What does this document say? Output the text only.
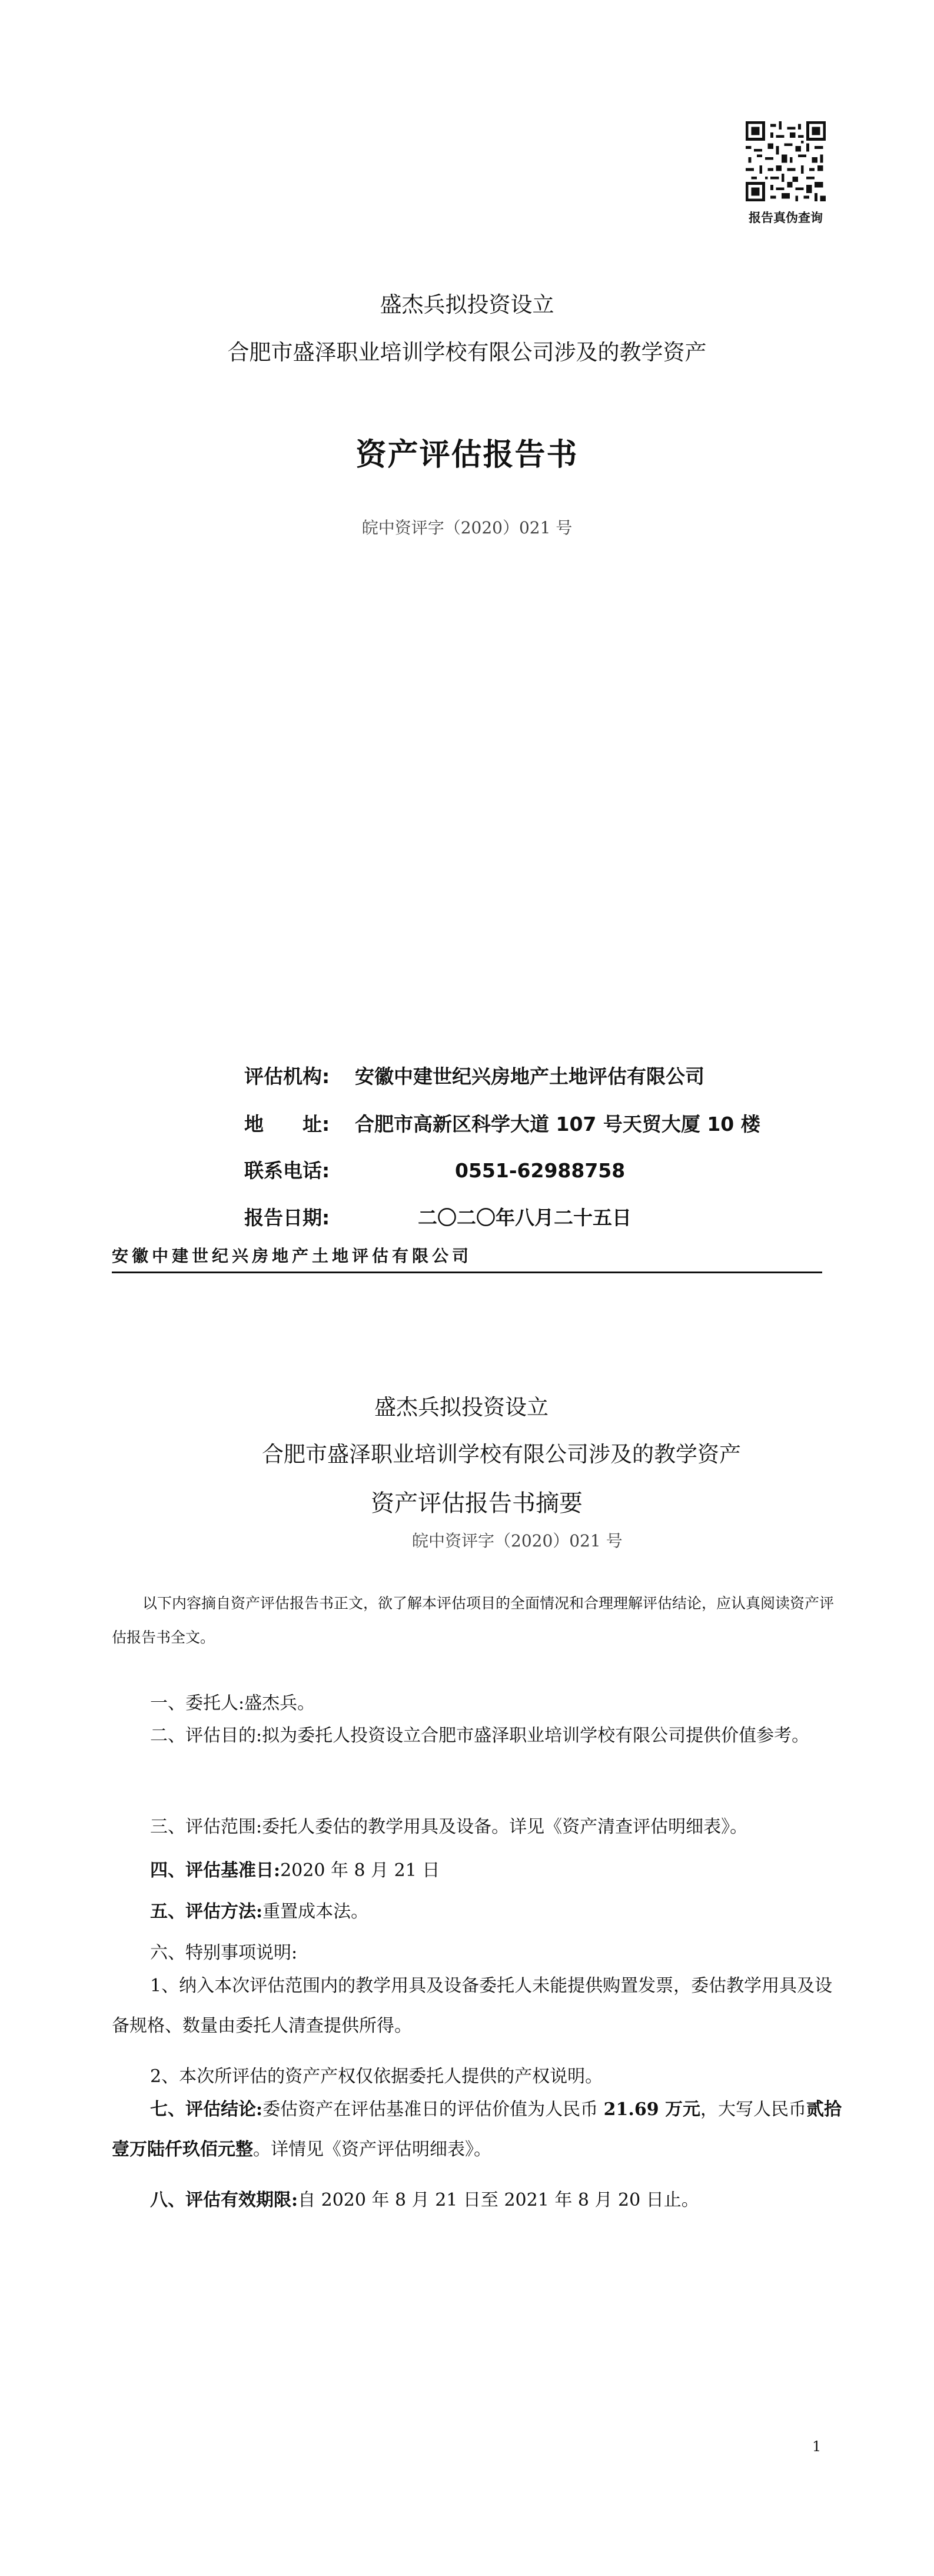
报告真伪查询
盛杰兵拟投资设立
合肥市盛泽职业培训学校有限公司涉及的教学资产
资产评估报告书
皖中资评字（2020）021 号
评估机构: 安徽中建世纪兴房地产土地评估有限公司
地　　址: 合肥市高新区科学大道 107 号天贸大厦 10 楼
联系电话:	0551-62988758
报告日期:	二〇二〇年八月二十五日
安徽中建世纪兴房地产土地评估有限公司
盛杰兵拟投资设立
合肥市盛泽职业培训学校有限公司涉及的教学资产
资产评估报告书摘要
皖中资评字（2020）021 号
以下内容摘自资产评估报告书正文，欲了解本评估项目的全面情况和合理理解评估结论，应认真阅读资产评估报告书全文。
一、委托人:盛杰兵。
二、评估目的:拟为委托人投资设立合肥市盛泽职业培训学校有限公司提供价值参考。
三、评估范围:委托人委估的教学用具及设备。详见《资产清查评估明细表》。
四、评估基准日:2020 年 8 月 21 日
五、评估方法:重置成本法。
六、特别事项说明:
1、纳入本次评估范围内的教学用具及设备委托人未能提供购置发票，委估教学用具及设备规格、数量由委托人清查提供所得。
2、本次所评估的资产产权仅依据委托人提供的产权说明。
七、评估结论:委估资产在评估基准日的评估价值为人民币 21.69 万元，大写人民币贰拾壹万陆仟玖佰元整。详情见《资产评估明细表》。
八、评估有效期限:自 2020 年 8 月 21 日至 2021 年 8 月 20 日止。
1
